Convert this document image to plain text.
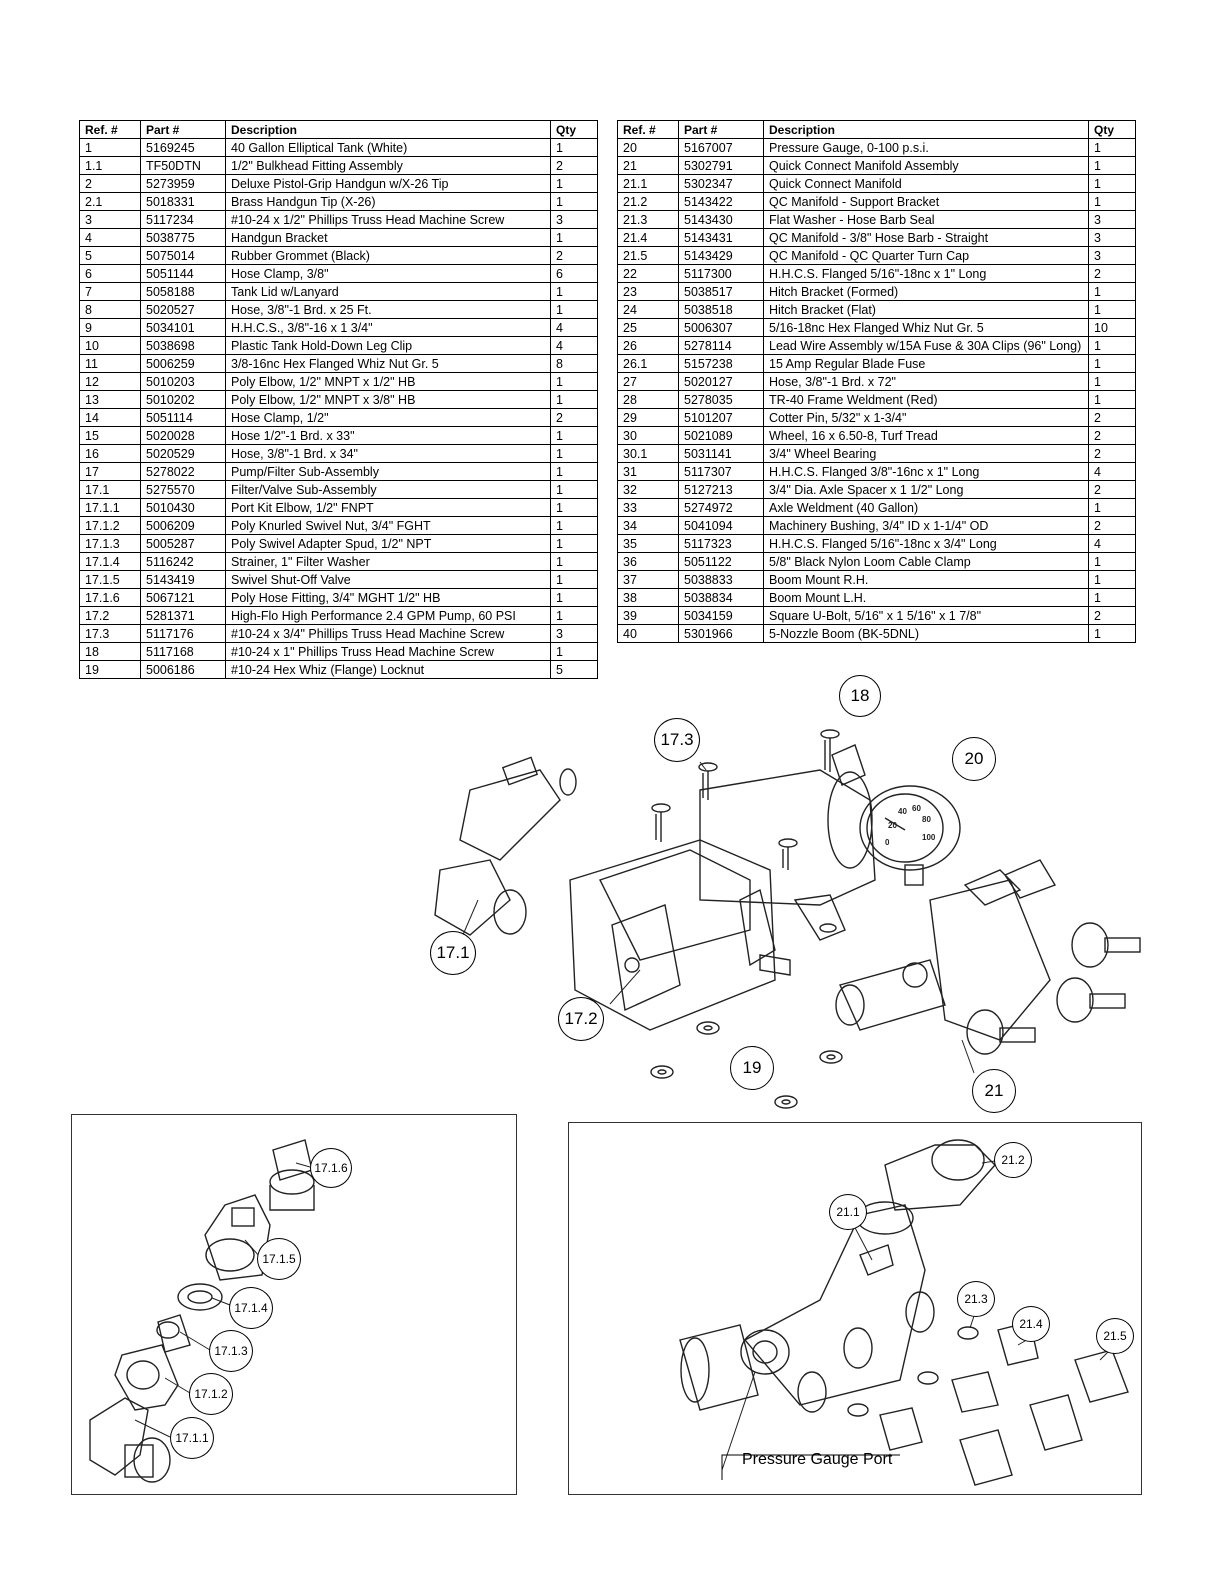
Ref. #	Part #	Description	Qty
1	5169245	40 Gallon Elliptical Tank (White)	1
1.1	TF50DTN	1/2" Bulkhead Fitting Assembly	2
2	5273959	Deluxe Pistol-Grip Handgun w/X-26 Tip	1
2.1	5018331	Brass Handgun Tip (X-26)	1
3	5117234	#10-24 x 1/2" Phillips Truss Head Machine Screw	3
4	5038775	Handgun Bracket	1
5	5075014	Rubber Grommet (Black)	2
6	5051144	Hose Clamp, 3/8"	6
7	5058188	Tank Lid w/Lanyard	1
8	5020527	Hose, 3/8"-1 Brd. x 25 Ft.	1
9	5034101	H.H.C.S., 3/8"-16 x 1 3/4"	4
10	5038698	Plastic Tank Hold-Down Leg Clip	4
11	5006259	3/8-16nc Hex Flanged Whiz Nut Gr. 5	8
12	5010203	Poly Elbow, 1/2" MNPT x 1/2" HB	1
13	5010202	Poly Elbow, 1/2" MNPT x 3/8" HB	1
14	5051114	Hose Clamp, 1/2"	2
15	5020028	Hose 1/2"-1 Brd. x 33"	1
16	5020529	Hose, 3/8"-1 Brd. x 34"	1
17	5278022	Pump/Filter Sub-Assembly	1
17.1	5275570	Filter/Valve Sub-Assembly	1
17.1.1	5010430	Port Kit Elbow, 1/2" FNPT	1
17.1.2	5006209	Poly Knurled Swivel Nut, 3/4" FGHT	1
17.1.3	5005287	Poly Swivel Adapter Spud, 1/2" NPT	1
17.1.4	5116242	Strainer, 1" Filter Washer	1
17.1.5	5143419	Swivel Shut-Off Valve	1
17.1.6	5067121	Poly Hose Fitting, 3/4" MGHT 1/2" HB	1
17.2	5281371	High-Flo High Performance 2.4 GPM Pump, 60 PSI	1
17.3	5117176	#10-24 x 3/4" Phillips Truss Head Machine Screw	3
18	5117168	#10-24 x 1" Phillips Truss Head Machine Screw	1
19	5006186	#10-24 Hex Whiz (Flange) Locknut	5
Ref. #	Part #	Description	Qty
20	5167007	Pressure Gauge, 0-100 p.s.i.	1
21	5302791	Quick Connect Manifold Assembly	1
21.1	5302347	Quick Connect Manifold	1
21.2	5143422	QC Manifold - Support Bracket	1
21.3	5143430	Flat Washer - Hose Barb Seal	3
21.4	5143431	QC Manifold - 3/8" Hose Barb - Straight	3
21.5	5143429	QC Manifold - QC Quarter Turn Cap	3
22	5117300	H.H.C.S. Flanged 5/16"-18nc x 1" Long	2
23	5038517	Hitch Bracket (Formed)	1
24	5038518	Hitch Bracket (Flat)	1
25	5006307	5/16-18nc Hex Flanged Whiz Nut Gr. 5	10
26	5278114	Lead Wire Assembly w/15A Fuse & 30A Clips (96" Long)	1
26.1	5157238	15 Amp Regular Blade Fuse	1
27	5020127	Hose, 3/8"-1 Brd. x 72"	1
28	5278035	TR-40 Frame Weldment (Red)	1
29	5101207	Cotter Pin, 5/32" x 1-3/4"	2
30	5021089	Wheel, 16 x 6.50-8, Turf Tread	2
30.1	5031141	3/4" Wheel Bearing	2
31	5117307	H.H.C.S. Flanged 3/8"-16nc x 1" Long	4
32	5127213	3/4" Dia. Axle Spacer x 1 1/2" Long	2
33	5274972	Axle Weldment (40 Gallon)	1
34	5041094	Machinery Bushing, 3/4" ID x 1-1/4" OD	2
35	5117323	H.H.C.S. Flanged 5/16"-18nc x 3/4" Long	4
36	5051122	5/8" Black Nylon Loom Cable Clamp	1
37	5038833	Boom Mount R.H.	1
38	5038834	Boom Mount L.H.	1
39	5034159	Square U-Bolt, 5/16" x 1 5/16" x 1 7/8"	2
40	5301966	5-Nozzle Boom (BK-5DNL)	1
0
20
40 60
80
100
18
17.3
20
17.1
17.2
19
21
17.1.6
17.1.5
17.1.4
17.1.3
17.1.2
17.1.1
21.2
21.1
21.3
21.4
21.5
Pressure Gauge Port
